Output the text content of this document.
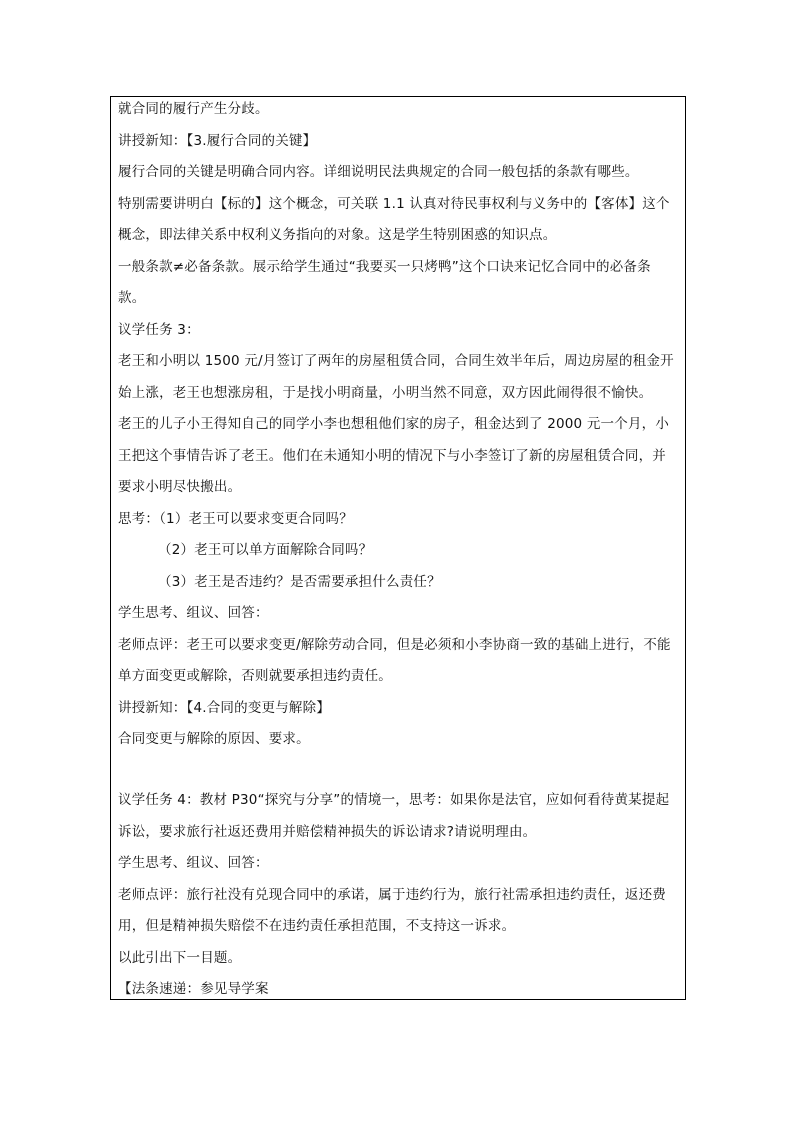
就合同的履行产生分歧。
讲授新知：【3.履行合同的关键】
履行合同的关键是明确合同内容。详细说明民法典规定的合同一般包括的条款有哪些。
特别需要讲明白【标的】这个概念，可关联 1.1 认真对待民事权利与义务中的【客体】这个
概念，即法律关系中权利义务指向的对象。这是学生特别困惑的知识点。
一般条款≠必备条款。展示给学生通过“我要买一只烤鸭”这个口诀来记忆合同中的必备条
款。
议学任务 3：
老王和小明以 1500 元/月签订了两年的房屋租赁合同，合同生效半年后，周边房屋的租金开
始上涨，老王也想涨房租，于是找小明商量，小明当然不同意，双方因此闹得很不愉快。
老王的儿子小王得知自己的同学小李也想租他们家的房子，租金达到了 2000 元一个月，小
王把这个事情告诉了老王。他们在未通知小明的情况下与小李签订了新的房屋租赁合同，并
要求小明尽快搬出。
思考：（1）老王可以要求变更合同吗？
（2）老王可以单方面解除合同吗？
（3）老王是否违约？是否需要承担什么责任？
学生思考、组议、回答：
老师点评：老王可以要求变更/解除劳动合同，但是必须和小李协商一致的基础上进行，不能
单方面变更或解除，否则就要承担违约责任。
讲授新知：【4.合同的变更与解除】
合同变更与解除的原因、要求。
议学任务 4：教材 P30“探究与分享”的情境一，思考：如果你是法官，应如何看待黄某提起
诉讼，要求旅行社返还费用并赔偿精神损失的诉讼请求?请说明理由。
学生思考、组议、回答：
老师点评：旅行社没有兑现合同中的承诺，属于违约行为，旅行社需承担违约责任，返还费
用，但是精神损失赔偿不在违约责任承担范围，不支持这一诉求。
以此引出下一目题。
【法条速递：参见导学案
